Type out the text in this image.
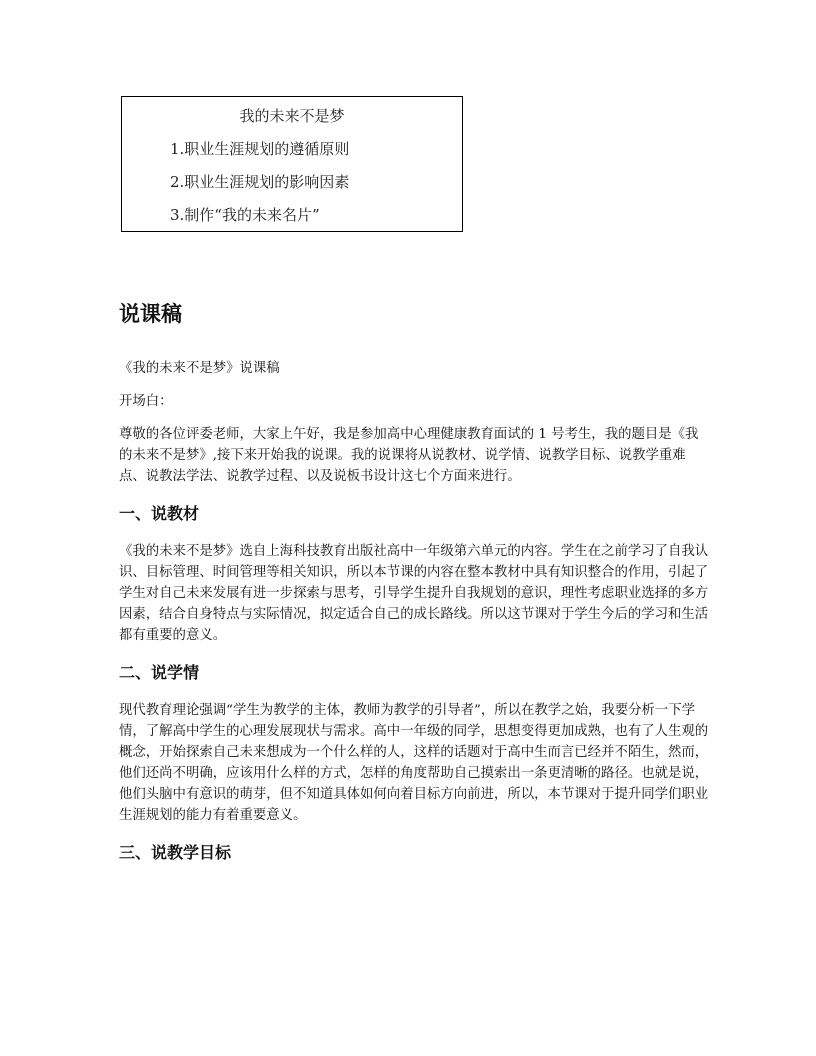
我的未来不是梦
1.职业生涯规划的遵循原则
2.职业生涯规划的影响因素
3.制作“我的未来名片”
说课稿

《我的未来不是梦》说课稿

开场白：

尊敬的各位评委老师，大家上午好，我是参加高中心理健康教育面试的 1 号考生，我的题目是《我的未来不是梦》,接下来开始我的说课。我的说课将从说教材、说学情、说教学目标、说教学重难点、说教法学法、说教学过程、以及说板书设计这七个方面来进行。

一、说教材

《我的未来不是梦》选自上海科技教育出版社高中一年级第六单元的内容。学生在之前学习了自我认识、目标管理、时间管理等相关知识，所以本节课的内容在整本教材中具有知识整合的作用，引起了学生对自己未来发展有进一步探索与思考，引导学生提升自我规划的意识，理性考虑职业选择的多方因素，结合自身特点与实际情况，拟定适合自己的成长路线。所以这节课对于学生今后的学习和生活都有重要的意义。

二、说学情

现代教育理论强调“学生为教学的主体，教师为教学的引导者”，所以在教学之始，我要分析一下学情，了解高中学生的心理发展现状与需求。高中一年级的同学，思想变得更加成熟，也有了人生观的概念，开始探索自己未来想成为一个什么样的人，这样的话题对于高中生而言已经并不陌生，然而，他们还尚不明确，应该用什么样的方式，怎样的角度帮助自己摸索出一条更清晰的路径。也就是说，他们头脑中有意识的萌芽，但不知道具体如何向着目标方向前进，所以，本节课对于提升同学们职业生涯规划的能力有着重要意义。

三、说教学目标
